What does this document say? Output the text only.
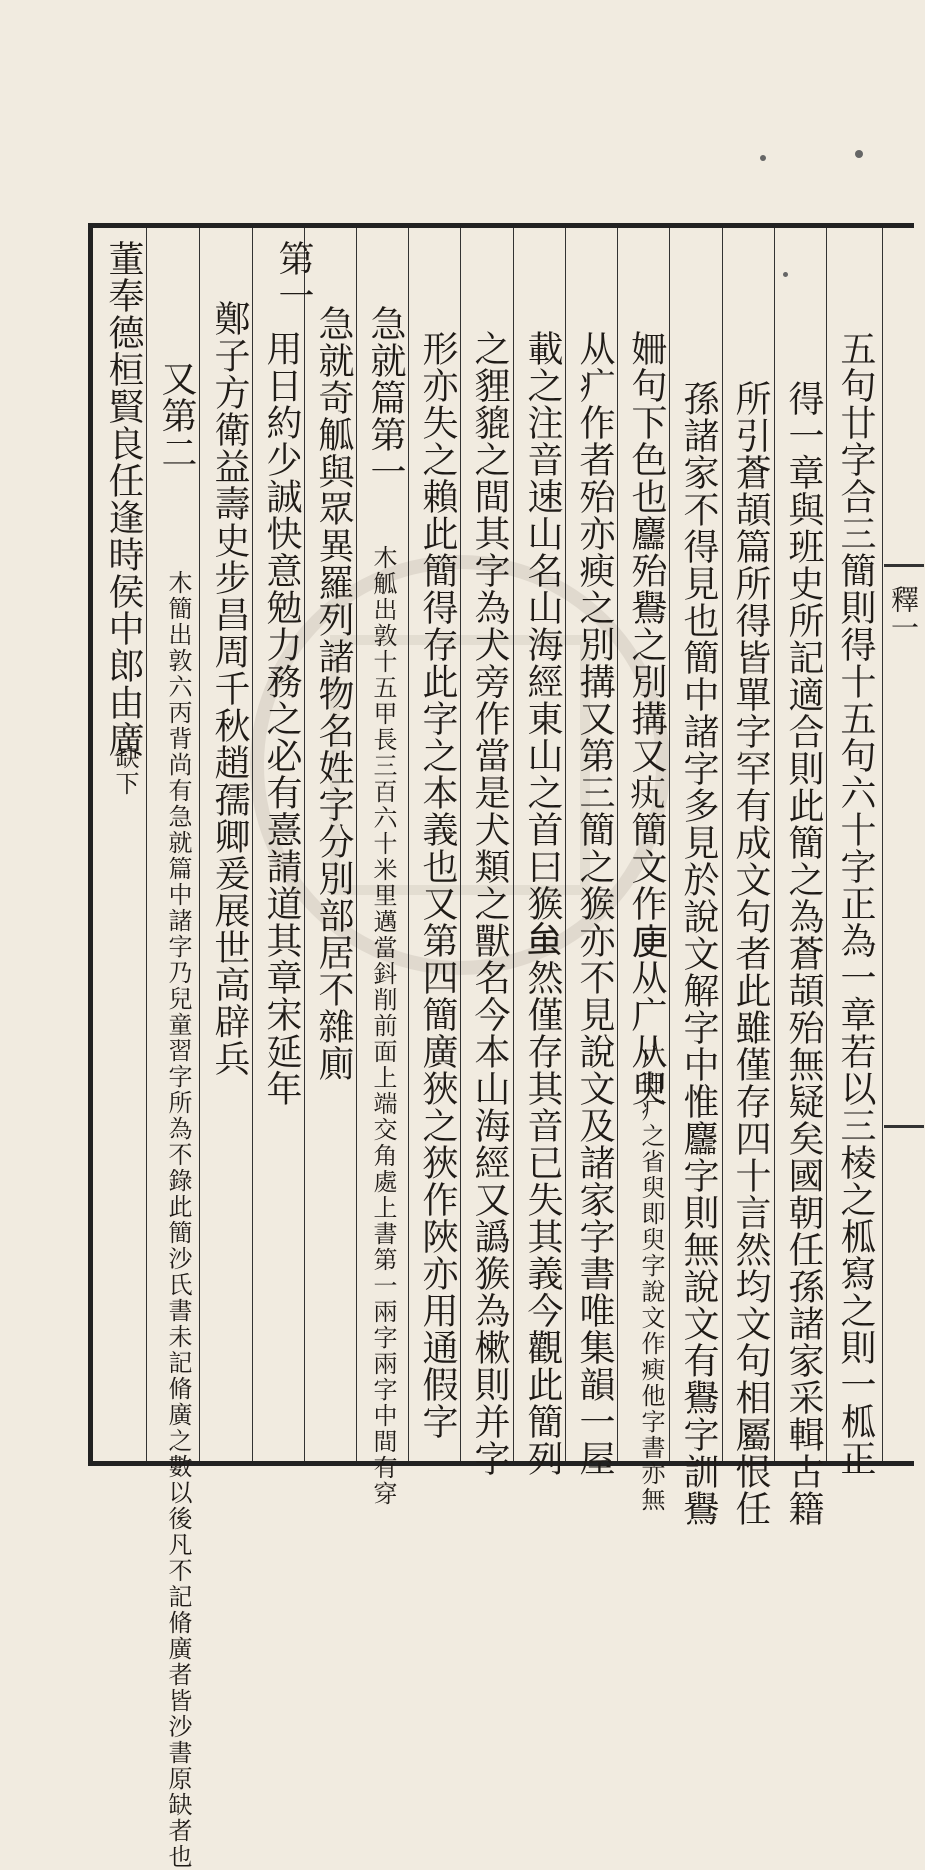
釋一
五句廿字合三簡則得十五句六十字正為一章若以三棱之柧寫之則一柧正
得一章與班史所記適合則此簡之為蒼頡殆無疑矣國朝任孫諸家采輯古籍
所引蒼頡篇所得皆單字罕有成文句者此雖僅存四十言然均文句相屬恨任
孫諸家不得見也簡中諸字多見於說文解字中惟麢字則無說文有鸒字訓鸒
姍句下色也麢殆鸒之別搆又𤴯簡文作𢈔从广从臾
广即疒之省臾即臾字說文作瘐他字書亦無
从疒作者殆亦瘐之別搆又第三簡之㺅亦不見說文及諸家字書唯集韻一屋
載之注音速山名山海經東山之首曰㺅𧈧然僅存其音已失其義今觀此簡列
之貍貔之間其字為犬旁作當是犬類之獸名今本山海經又譌㺅為樕則并字
形亦失之賴此簡得存此字之本義也又第四簡廣狹之狹作陜亦用通假字
急就篇第一
木觚出敦十五甲長三百六十米里邁當鈄削前面上端交角處上書第一兩字兩字中間有穿
急就奇觚與眾異羅列諸物名姓字分別部居不雜廁
第一
用日約少誠快意勉力務之必有憙請道其章宋延年
鄭子方衛益壽史步昌周千秋趙孺卿爰展世高辟兵
又第二
木簡出敦六丙背尚有急就篇中諸字乃兒童習字所為不錄此簡沙氏書未記脩廣之數以後凡不記脩廣者皆沙書原缺者也
董奉德桓賢良任逢時侯中郎由廣
缺下
